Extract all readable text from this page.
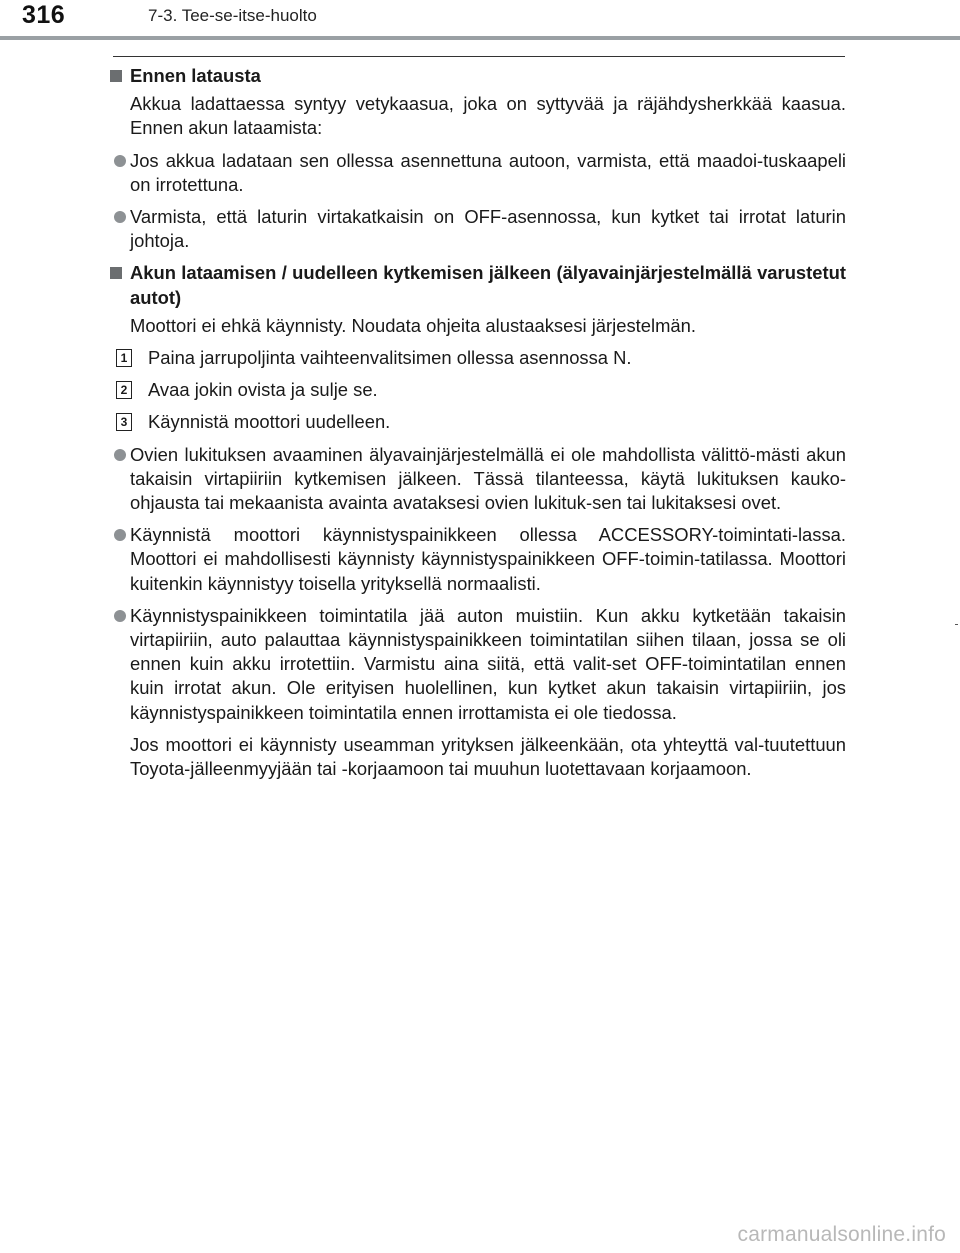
316	7-3. Tee-se-itse-huolto
Ennen latausta
Akkua ladattaessa syntyy vetykaasua, joka on syttyvää ja räjähdysherkkää kaasua. Ennen akun lataamista:
Jos akkua ladataan sen ollessa asennettuna autoon, varmista, että maadoi-tuskaapeli on irrotettuna.
Varmista, että laturin virtakatkaisin on OFF-asennossa, kun kytket tai irrotat laturin johtoja.
Akun lataamisen / uudelleen kytkemisen jälkeen (älyavainjärjestelmällä varustetut autot)
Moottori ei ehkä käynnisty. Noudata ohjeita alustaaksesi järjestelmän.
1 Paina jarrupoljinta vaihteenvalitsimen ollessa asennossa N.
2 Avaa jokin ovista ja sulje se.
3 Käynnistä moottori uudelleen.
Ovien lukituksen avaaminen älyavainjärjestelmällä ei ole mahdollista välittö-mästi akun takaisin virtapiiriin kytkemisen jälkeen. Tässä tilanteessa, käytä lukituksen kauko-ohjausta tai mekaanista avainta avataksesi ovien lukituk-sen tai lukitaksesi ovet.
Käynnistä moottori käynnistyspainikkeen ollessa ACCESSORY-toimintati-lassa. Moottori ei mahdollisesti käynnisty käynnistyspainikkeen OFF-toimin-tatilassa. Moottori kuitenkin käynnistyy toisella yrityksellä normaalisti.
Käynnistyspainikkeen toimintatila jää auton muistiin. Kun akku kytketään takaisin virtapiiriin, auto palauttaa käynnistyspainikkeen toimintatilan siihen tilaan, jossa se oli ennen kuin akku irrotettiin. Varmistu aina siitä, että valit-set OFF-toimintatilan ennen kuin irrotat akun. Ole erityisen huolellinen, kun kytket akun takaisin virtapiiriin, jos käynnistyspainikkeen toimintatila ennen irrottamista ei ole tiedossa.
Jos moottori ei käynnisty useamman yrityksen jälkeenkään, ota yhteyttä val-tuutettuun Toyota-jälleenmyyjään tai -korjaamoon tai muuhun luotettavaan korjaamoon.
carmanualsonline.info
